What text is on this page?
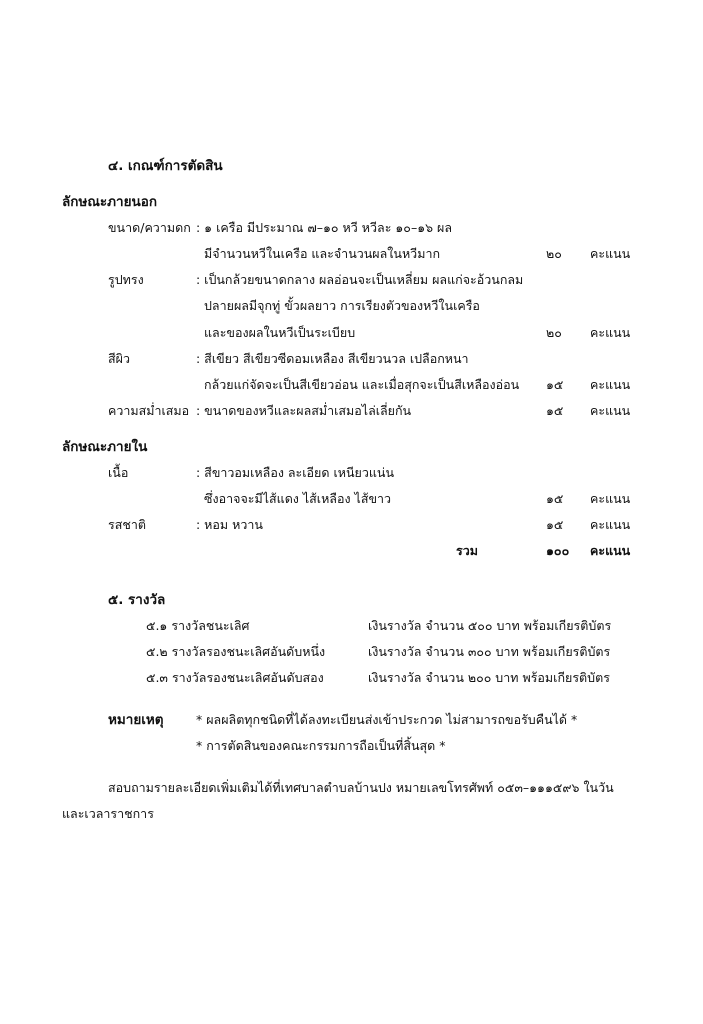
๔. เกณฑ์การตัดสิน
ลักษณะภายนอก
ขนาด/ความดก : ๑ เครือ มีประมาณ ๗–๑๐ หวี หวีละ ๑๐–๑๖ ผล
มีจำนวนหวีในเครือ และจำนวนผลในหวีมาก	๒๐ คะแนน
รูปทรง	: เป็นกล้วยขนาดกลาง ผลอ่อนจะเป็นเหลี่ยม ผลแก่จะอ้วนกลม
ปลายผลมีจุกทู่ ขั้วผลยาว การเรียงตัวของหวีในเครือ
และของผลในหวีเป็นระเบียบ	๒๐ คะแนน
สีผิว	: สีเขียว สีเขียวซีดอมเหลือง สีเขียวนวล เปลือกหนา
กล้วยแก่จัดจะเป็นสีเขียวอ่อน และเมื่อสุกจะเป็นสีเหลืองอ่อน ๑๕ คะแนน
ความสม่ำเสมอ : ขนาดของหวีและผลสม่ำเสมอไล่เลี่ยกัน	๑๕ คะแนน
ลักษณะภายใน
เนื้อ	: สีขาวอมเหลือง ละเอียด เหนียวแน่น
ซึ่งอาจจะมีไส้แดง ไส้เหลือง ไส้ขาว	๑๕ คะแนน
รสชาติ	: หอม หวาน	๑๕ คะแนน
รวม	๑๐๐ คะแนน
๕. รางวัล
๕.๑ รางวัลชนะเลิศ	เงินรางวัล จำนวน ๕๐๐ บาท พร้อมเกียรติบัตร
๕.๒ รางวัลรองชนะเลิศอันดับหนึ่ง	เงินรางวัล จำนวน ๓๐๐ บาท พร้อมเกียรติบัตร
๕.๓ รางวัลรองชนะเลิศอันดับสอง	เงินรางวัล จำนวน ๒๐๐ บาท พร้อมเกียรติบัตร
หมายเหตุ	* ผลผลิตทุกชนิดที่ได้ลงทะเบียนส่งเข้าประกวด ไม่สามารถขอรับคืนได้ *
* การตัดสินของคณะกรรมการถือเป็นที่สิ้นสุด *
สอบถามรายละเอียดเพิ่มเติมได้ที่เทศบาลตำบลบ้านปง หมายเลขโทรศัพท์ ๐๕๓–๑๑๑๕๙๖ ในวัน
และเวลาราชการ
